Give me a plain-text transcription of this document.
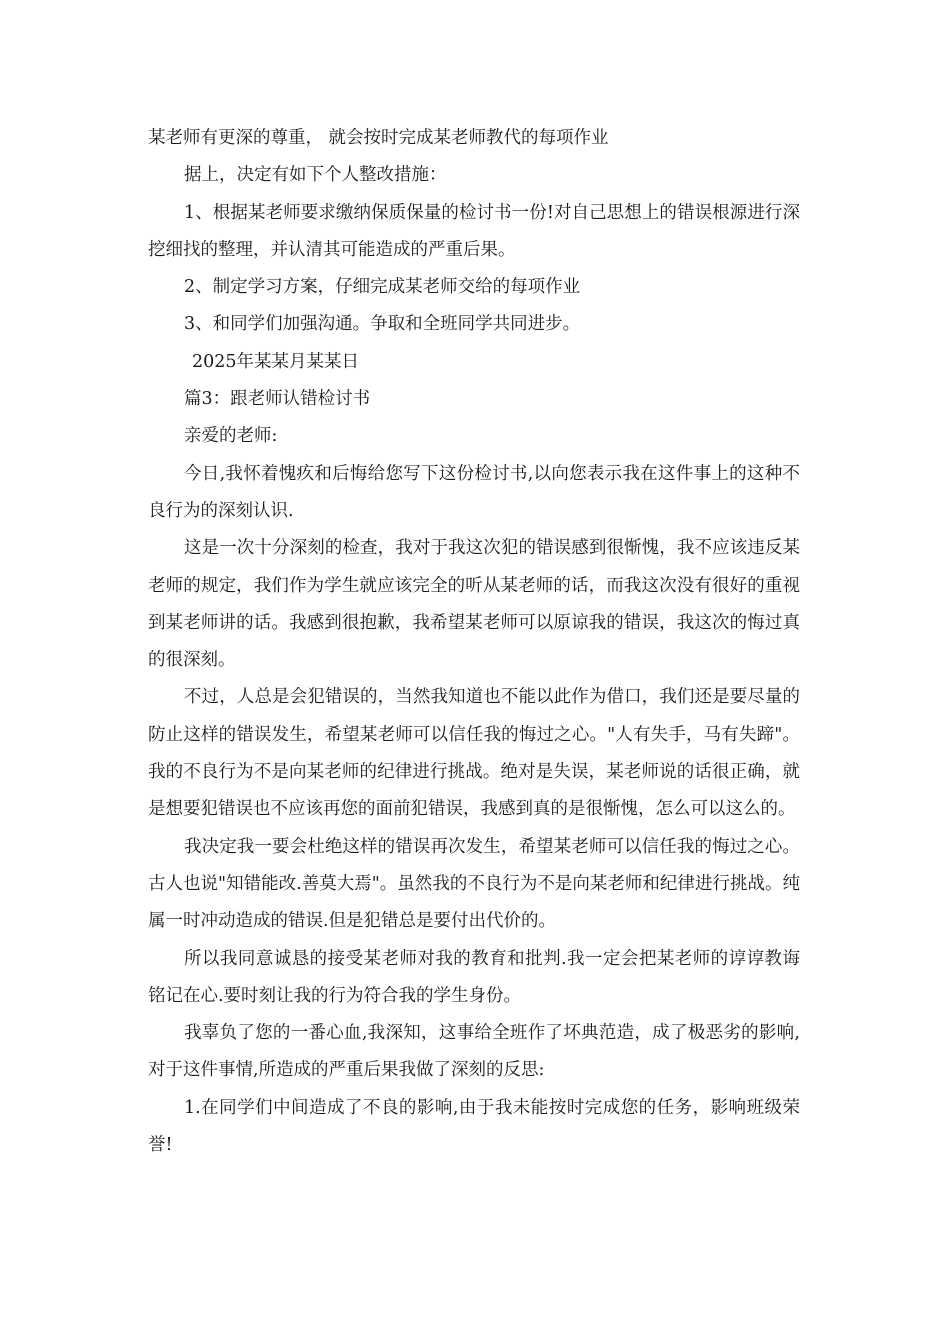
某老师有更深的尊重， 就会按时完成某老师教代的每项作业

据上，决定有如下个人整改措施：

1、根据某老师要求缴纳保质保量的检讨书一份!对自己思想上的错误根源进行深挖细找的整理，并认清其可能造成的严重后果。

2、制定学习方案，仔细完成某老师交给的每项作业

3、和同学们加强沟通。争取和全班同学共同进步。

2025年某某月某某日

篇3：跟老师认错检讨书

亲爱的老师:

今日,我怀着愧疚和后悔给您写下这份检讨书,以向您表示我在这件事上的这种不良行为的深刻认识.

这是一次十分深刻的检查，我对于我这次犯的错误感到很惭愧，我不应该违反某老师的规定，我们作为学生就应该完全的听从某老师的话，而我这次没有很好的重视到某老师讲的话。我感到很抱歉，我希望某老师可以原谅我的错误，我这次的悔过真的很深刻。

不过，人总是会犯错误的，当然我知道也不能以此作为借口，我们还是要尽量的防止这样的错误发生，希望某老师可以信任我的悔过之心。"人有失手，马有失蹄"。我的不良行为不是向某老师的纪律进行挑战。绝对是失误，某老师说的话很正确，就是想要犯错误也不应该再您的面前犯错误，我感到真的是很惭愧，怎么可以这么的。

我决定我一要会杜绝这样的错误再次发生，希望某老师可以信任我的悔过之心。古人也说"知错能改.善莫大焉"。虽然我的不良行为不是向某老师和纪律进行挑战。纯属一时冲动造成的错误.但是犯错总是要付出代价的。

所以我同意诚恳的接受某老师对我的教育和批判.我一定会把某老师的谆谆教诲铭记在心.要时刻让我的行为符合我的学生身份。

我辜负了您的一番心血,我深知，这事给全班作了坏典范造，成了极恶劣的影响,对于这件事情,所造成的严重后果我做了深刻的反思:

1.在同学们中间造成了不良的影响,由于我未能按时完成您的任务，影响班级荣誉!
